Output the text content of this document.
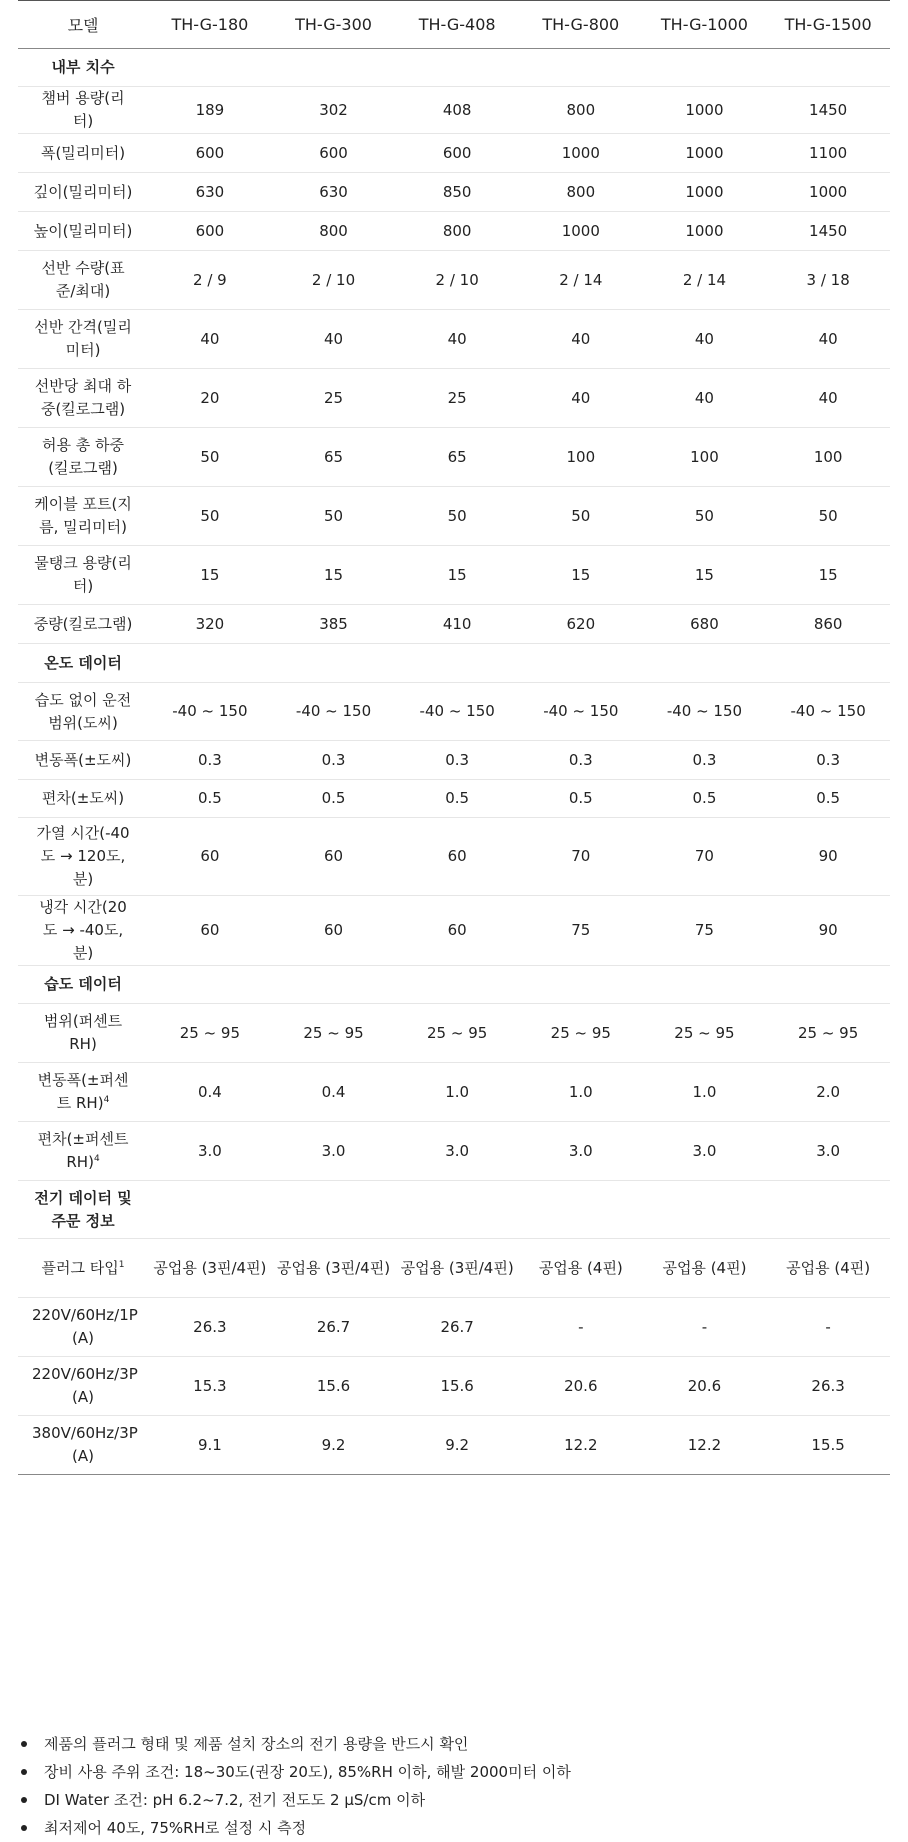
모델	TH-G-180	TH-G-300	TH-G-408	TH-G-800	TH-G-1000	TH-G-1500
내부 치수						
챔버 용량(리터)	189	302	408	800	1000	1450
폭(밀리미터)	600	600	600	1000	1000	1100
깊이(밀리미터)	630	630	850	800	1000	1000
높이(밀리미터)	600	800	800	1000	1000	1450
선반 수량(표준/최대)	2 / 9	2 / 10	2 / 10	2 / 14	2 / 14	3 / 18
선반 간격(밀리미터)	40	40	40	40	40	40
선반당 최대 하중(킬로그램)	20	25	25	40	40	40
허용 총 하중(킬로그램)	50	65	65	100	100	100
케이블 포트(지름, 밀리미터)	50	50	50	50	50	50
물탱크 용량(리터)	15	15	15	15	15	15
중량(킬로그램)	320	385	410	620	680	860
온도 데이터						
습도 없이 운전 범위(도씨)	-40 ~ 150	-40 ~ 150	-40 ~ 150	-40 ~ 150	-40 ~ 150	-40 ~ 150
변동폭(±도씨)	0.3	0.3	0.3	0.3	0.3	0.3
편차(±도씨)	0.5	0.5	0.5	0.5	0.5	0.5
가열 시간(-40도 → 120도, 분)	60	60	60	70	70	90
냉각 시간(20도 → -40도, 분)	60	60	60	75	75	90
습도 데이터						
범위(퍼센트 RH)	25 ~ 95	25 ~ 95	25 ~ 95	25 ~ 95	25 ~ 95	25 ~ 95
변동폭(±퍼센트 RH)$^4$	0.4	0.4	1.0	1.0	1.0	2.0
편차(±퍼센트 RH)$^4$	3.0	3.0	3.0	3.0	3.0	3.0
전기 데이터 및 주문 정보						
플러그 타입$^1$	공업용 (3핀/4핀)	공업용 (3핀/4핀)	공업용 (3핀/4핀)	공업용 (4핀)	공업용 (4핀)	공업용 (4핀)
220V/60Hz/1P (A)	26.3	26.7	26.7	-	-	-
220V/60Hz/3P (A)	15.3	15.6	15.6	20.6	20.6	26.3
380V/60Hz/3P (A)	9.1	9.2	9.2	12.2	12.2	15.5
제품의 플러그 형태 및 제품 설치 장소의 전기 용량을 반드시 확인
장비 사용 주위 조건: 18~30도(권장 20도), 85%RH 이하, 해발 2000미터 이하
DI Water 조건: pH 6.2~7.2, 전기 전도도 2 μS/cm 이하
최저제어 40도, 75%RH로 설정 시 측정
